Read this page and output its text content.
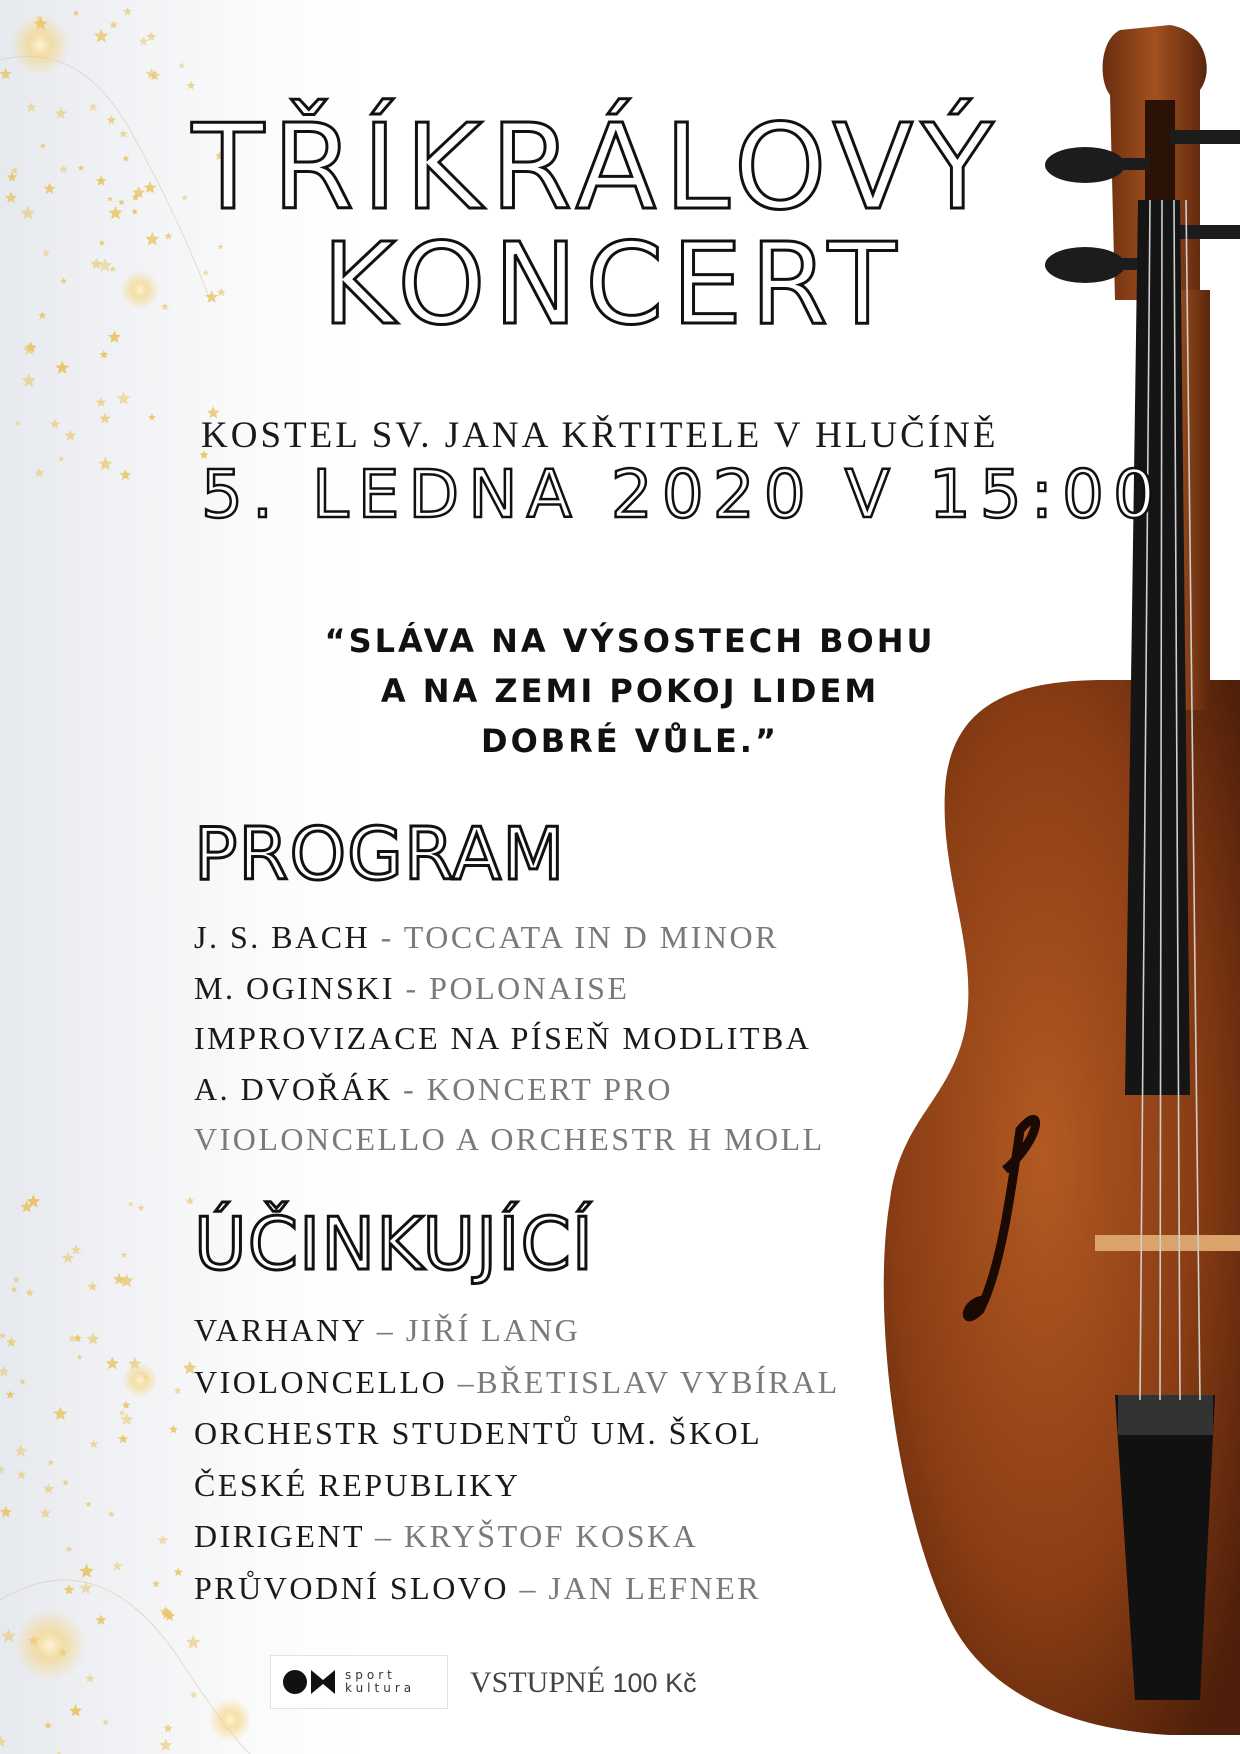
TŘÍKRÁLOVÝ
KONCERT
KOSTEL SV. JANA KŘTITELE V HLUČÍNĚ
5. LEDNA 2020 V 15:00
“SLÁVA NA VÝSOSTECH BOHU
A NA ZEMI POKOJ LIDEM
DOBRÉ VŮLE.”
PROGRAM
J. S. BACH - TOCCATA IN D MINOR
M. OGINSKI - POLONAISE
IMPROVIZACE NA PÍSEŇ MODLITBA
A. DVOŘÁK - KONCERT PRO
VIOLONCELLO A ORCHESTR H MOLL
ÚČINKUJÍCÍ
VARHANY – JIŘÍ LANG
VIOLONCELLO –BŘETISLAV VYBÍRAL
ORCHESTR STUDENTŮ UM. ŠKOL
ČESKÉ REPUBLIKY
DIRIGENT – KRYŠTOF KOSKA
PRŮVODNÍ SLOVO – JAN LEFNER
sport
kultura VSTUPNÉ 100 Kč
